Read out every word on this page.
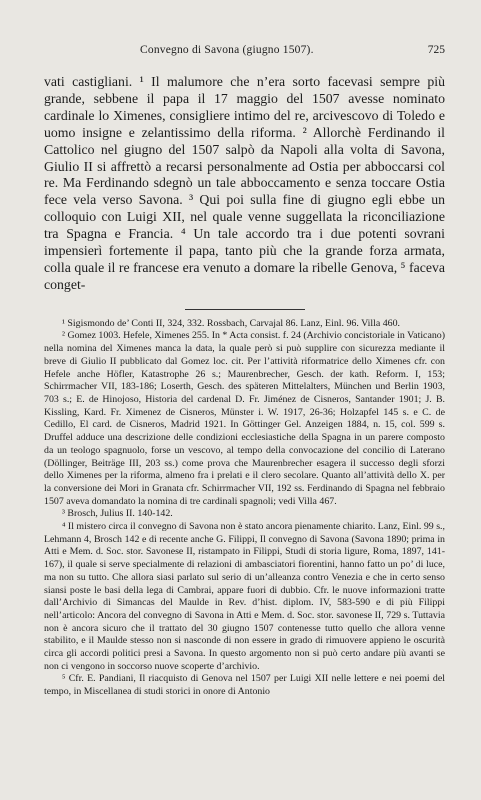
Convegno di Savona (giugno 1507).	725

vati castigliani. ¹ Il malumore che n’era sorto facevasi sempre più grande, sebbene il papa il 17 maggio del 1507 avesse nominato cardinale lo Ximenes, consigliere intimo del re, arcivescovo di Toledo e uomo insigne e zelantissimo della riforma. ² Allorchè Ferdinando il Cattolico nel giugno del 1507 salpò da Napoli alla volta di Savona, Giulio II si affrettò a recarsi personalmente ad Ostia per abboccarsi col re. Ma Ferdinando sdegnò un tale abboccamento e senza toccare Ostia fece vela verso Savona. ³ Qui poi sulla fine di giugno egli ebbe un colloquio con Luigi XII, nel quale venne suggellata la riconciliazione tra Spagna e Francia. ⁴ Un tale accordo tra i due potenti sovrani impensierì fortemente il papa, tanto più che la grande forza armata, colla quale il re francese era venuto a domare la ribelle Genova, ⁵ faceva conget-

¹ Sigismondo de’ Conti II, 324, 332. Rossbach, Carvajal 86. Lanz, Einl. 96. Villa 460.

² Gomez 1003. Hefele, Ximenes 255. In * Acta consist. f. 24 (Archivio concistoriale in Vaticano) nella nomina del Ximenes manca la data, la quale però si può supplire con sicurezza mediante il breve di Giulio II pubblicato dal Gomez loc. cit. Per l’attività riformatrice dello Ximenes cfr. con Hefele anche Höfler, Katastrophe 26 s.; Maurenbrecher, Gesch. der kath. Reform. I, 153; Schirrmacher VII, 183-186; Loserth, Gesch. des späteren Mittelalters, München und Berlin 1903, 703 s.; E. de Hinojoso, Historia del cardenal D. Fr. Jiménez de Cisneros, Santander 1901; J. B. Kissling, Kard. Fr. Ximenez de Cisneros, Münster i. W. 1917, 26-36; Holzapfel 145 s. e C. de Cedillo, El card. de Cisneros, Madrid 1921. In Göttinger Gel. Anzeigen 1884, n. 15, col. 599 s. Druffel adduce una descrizione delle condizioni ecclesiastiche della Spagna in un parere composto da un teologo spagnuolo, forse un vescovo, al tempo della convocazione del concilio di Laterano (Döllinger, Beiträge III, 203 ss.) come prova che Maurenbrecher esagera il successo degli sforzi dello Ximenes per la riforma, almeno fra i prelati e il clero secolare. Quanto all’attività dello X. per la conversione dei Mori in Granata cfr. Schirrmacher VII, 192 ss. Ferdinando di Spagna nel febbraio 1507 aveva domandato la nomina di tre cardinali spagnoli; vedi Villa 467.

³ Brosch, Julius II. 140-142.

⁴ Il mistero circa il convegno di Savona non è stato ancora pienamente chiarito. Lanz, Einl. 99 s., Lehmann 4, Brosch 142 e di recente anche G. Filippi, Il convegno di Savona (Savona 1890; prima in Atti e Mem. d. Soc. stor. Savonese II, ristampato in Filippi, Studi di storia ligure, Roma, 1897, 141-167), il quale si serve specialmente di relazioni di ambasciatori fiorentini, hanno fatto un po’ di luce, ma non su tutto. Che allora siasi parlato sul serio di un’alleanza contro Venezia e che in certo senso siansi poste le basi della lega di Cambrai, appare fuori di dubbio. Cfr. le nuove informazioni tratte dall’Archivio di Simancas del Maulde in Rev. d’hist. diplom. IV, 583-590 e di più Filippi nell’articolo: Ancora del convegno di Savona in Atti e Mem. d. Soc. stor. savonese II, 729 s. Tuttavia non è ancora sicuro che il trattato del 30 giugno 1507 contenesse tutto quello che allora venne stabilito, e il Maulde stesso non si nasconde di non essere in grado di rimuovere appieno le oscurità circa gli accordi politici presi a Savona. In questo argomento non si può certo andare più avanti se non ci vengono in soccorso nuove scoperte d’archivio.

⁵ Cfr. E. Pandiani, Il riacquisto di Genova nel 1507 per Luigi XII nelle lettere e nei poemi del tempo, in Miscellanea di studi storici in onore di Antonio
